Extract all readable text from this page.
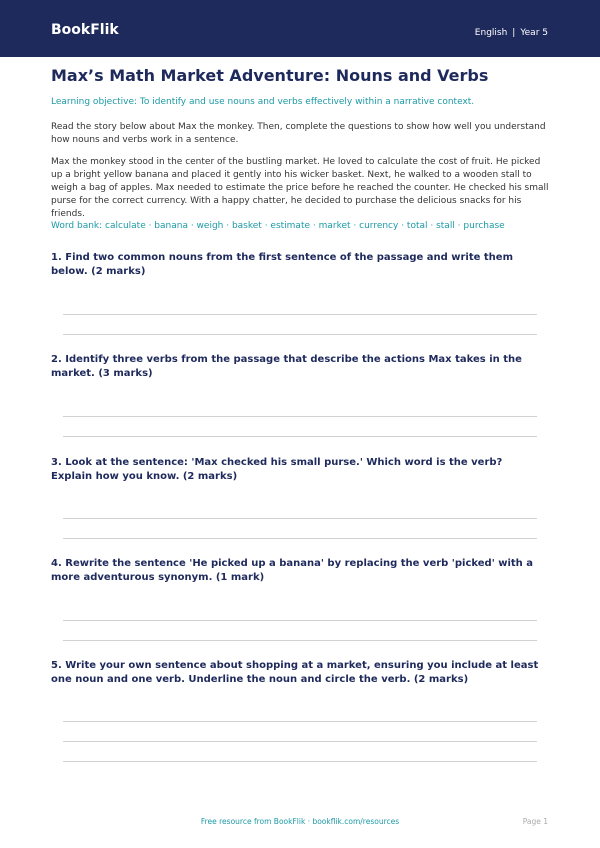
BookFlik	English | Year 5
Max’s Math Market Adventure: Nouns and Verbs
Learning objective: To identify and use nouns and verbs effectively within a narrative context.
Read the story below about Max the monkey. Then, complete the questions to show how well you understand how nouns and verbs work in a sentence.
Max the monkey stood in the center of the bustling market. He loved to calculate the cost of fruit. He picked up a bright yellow banana and placed it gently into his wicker basket. Next, he walked to a wooden stall to weigh a bag of apples. Max needed to estimate the price before he reached the counter. He checked his small purse for the correct currency. With a happy chatter, he decided to purchase the delicious snacks for his friends.
Word bank: calculate · banana · weigh · basket · estimate · market · currency · total · stall · purchase
1. Find two common nouns from the first sentence of the passage and write them below. (2 marks)
2. Identify three verbs from the passage that describe the actions Max takes in the market. (3 marks)
3. Look at the sentence: 'Max checked his small purse.' Which word is the verb? Explain how you know. (2 marks)
4. Rewrite the sentence 'He picked up a banana' by replacing the verb 'picked' with a more adventurous synonym. (1 mark)
5. Write your own sentence about shopping at a market, ensuring you include at least one noun and one verb. Underline the noun and circle the verb. (2 marks)
Free resource from BookFlik · bookflik.com/resources	Page 1
